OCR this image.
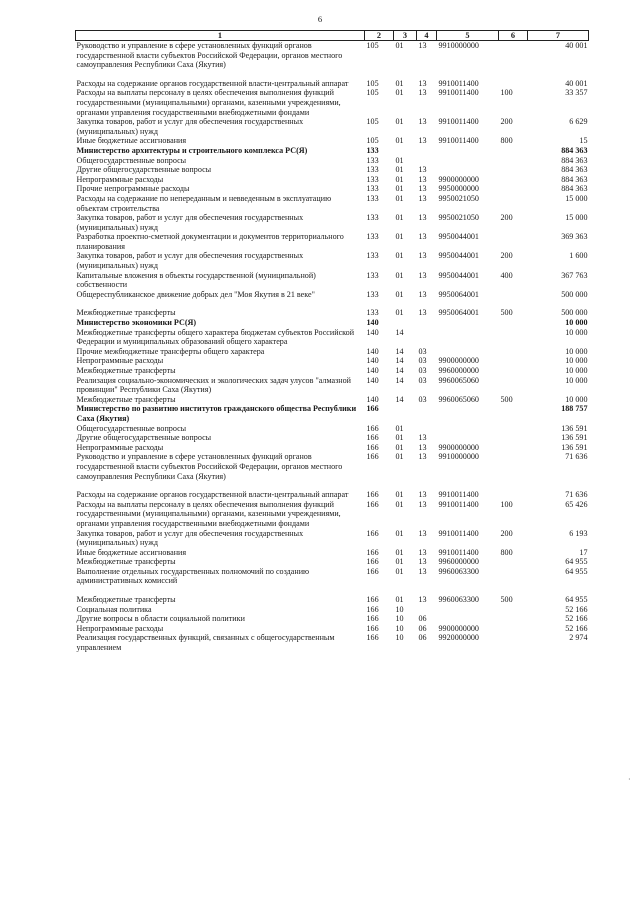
6
1	2	3	4	5	6	7
Руководство и управление в сфере установленных функций органов государственной власти субъектов Российской Федерации, органов местного самоуправления Республики Саха (Якутия)	105	01	13	9910000000		40 001
Расходы на содержание органов государственной власти-центральный аппарат	105	01	13	9910011400		40 001
Расходы на выплаты персоналу в целях обеспечения выполнения функций государственными (муниципальными) органами, казенными учреждениями, органами управления государственными внебюджетными фондами	105	01	13	9910011400	100	33 357
Закупка товаров, работ и услуг для обеспечения государственных (муниципальных) нужд	105	01	13	9910011400	200	6 629
Иные бюджетные ассигнования	105	01	13	9910011400	800	15
Министерство архитектуры и строительного комплекса РС(Я)	133					884 363
Общегосударственные вопросы	133	01				884 363
Другие общегосударственные вопросы	133	01	13			884 363
Непрограммные расходы	133	01	13	9900000000		884 363
Прочие непрограммные расходы	133	01	13	9950000000		884 363
Расходы на содержание по непереданным и невведенным в эксплуатацию объектам строительства	133	01	13	9950021050		15 000
Закупка товаров, работ и услуг для обеспечения государственных (муниципальных) нужд	133	01	13	9950021050	200	15 000
Разработка проектно-сметной документации и документов территориального планирования	133	01	13	9950044001		369 363
Закупка товаров, работ и услуг для обеспечения государственных (муниципальных) нужд	133	01	13	9950044001	200	1 600
Капитальные вложения в объекты государственной (муниципальной) собственности	133	01	13	9950044001	400	367 763
Общереспубликанское движение добрых дел "Моя Якутия в 21 веке"	133	01	13	9950064001		500 000
Межбюджетные трансферты	133	01	13	9950064001	500	500 000
Министерство экономики РС(Я)	140					10 000
Межбюджетные трансферты общего характера бюджетам субъектов Российской Федерации и муниципальных образований общего характера	140	14				10 000
Прочие межбюджетные трансферты общего характера	140	14	03			10 000
Непрограммные расходы	140	14	03	9900000000		10 000
Межбюджетные трансферты	140	14	03	9960000000		10 000
Реализация социально-экономических и экологических задач улусов "алмазной провинции" Республики Саха (Якутия)	140	14	03	9960065060		10 000
Межбюджетные трансферты	140	14	03	9960065060	500	10 000
Министерство по развитию институтов гражданского общества Республики Саха (Якутия)	166					188 757
Общегосударственные вопросы	166	01				136 591
Другие общегосударственные вопросы	166	01	13			136 591
Непрограммные расходы	166	01	13	9900000000		136 591
Руководство и управление в сфере установленных функций органов государственной власти субъектов Российской Федерации, органов местного самоуправления Республики Саха (Якутия)	166	01	13	9910000000		71 636
Расходы на содержание органов государственной власти-центральный аппарат	166	01	13	9910011400		71 636
Расходы на выплаты персоналу в целях обеспечения выполнения функций государственными (муниципальными) органами, казенными учреждениями, органами управления государственными внебюджетными фондами	166	01	13	9910011400	100	65 426
Закупка товаров, работ и услуг для обеспечения государственных (муниципальных) нужд	166	01	13	9910011400	200	6 193
Иные бюджетные ассигнования	166	01	13	9910011400	800	17
Межбюджетные трансферты	166	01	13	9960000000		64 955
Выполнение отдельных государственных полномочий по созданию административных комиссий	166	01	13	9960063300		64 955
Межбюджетные трансферты	166	01	13	9960063300	500	64 955
Социальная политика	166	10				52 166
Другие вопросы в области социальной политики	166	10	06			52 166
Непрограммные расходы	166	10	06	9900000000		52 166
Реализация государственных функций, связанных с общегосударственным управлением	166	10	06	9920000000		2 974
·
